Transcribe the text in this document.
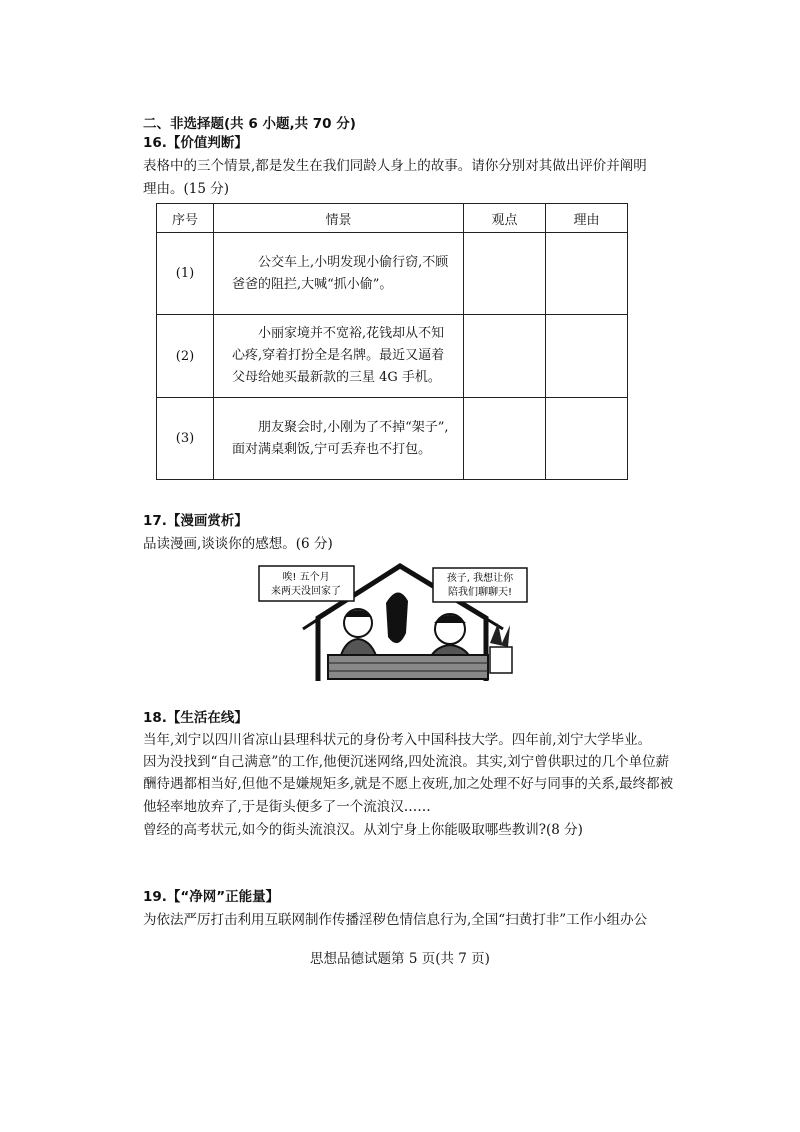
二、非选择题(共 6 小题,共 70 分)
16.【价值判断】
表格中的三个情景,都是发生在我们同龄人身上的故事。请你分别对其做出评价并阐明
理由。(15 分)
序号	情景	观点	理由
(1)	公交车上,小明发现小偷行窃,不顾
爸爸的阻拦,大喊“抓小偷”。		

(2)	小丽家境并不宽裕,花钱却从不知
心疼,穿着打扮全是名牌。最近又逼着
父母给她买最新款的三星 4G 手机。		

(3)	朋友聚会时,小刚为了不掉“架子”,
面对满桌剩饭,宁可丢弃也不打包。		

17.【漫画赏析】
品读漫画,谈谈你的感想。(6 分)
唉! 五个月
来两天没回家了
孩子, 我想让你
陪我们聊聊天!
18.【生活在线】
当年,刘宁以四川省凉山县理科状元的身份考入中国科技大学。四年前,刘宁大学毕业。
因为没找到“自己满意”的工作,他便沉迷网络,四处流浪。其实,刘宁曾供职过的几个单位薪
酬待遇都相当好,但他不是嫌规矩多,就是不愿上夜班,加之处理不好与同事的关系,最终都被
他轻率地放弃了,于是街头便多了一个流浪汉……
曾经的高考状元,如今的街头流浪汉。从刘宁身上你能吸取哪些教训?(8 分)
19.【“净网”正能量】
为依法严厉打击利用互联网制作传播淫秽色情信息行为,全国“扫黄打非”工作小组办公
思想品德试题第 5 页(共 7 页)
